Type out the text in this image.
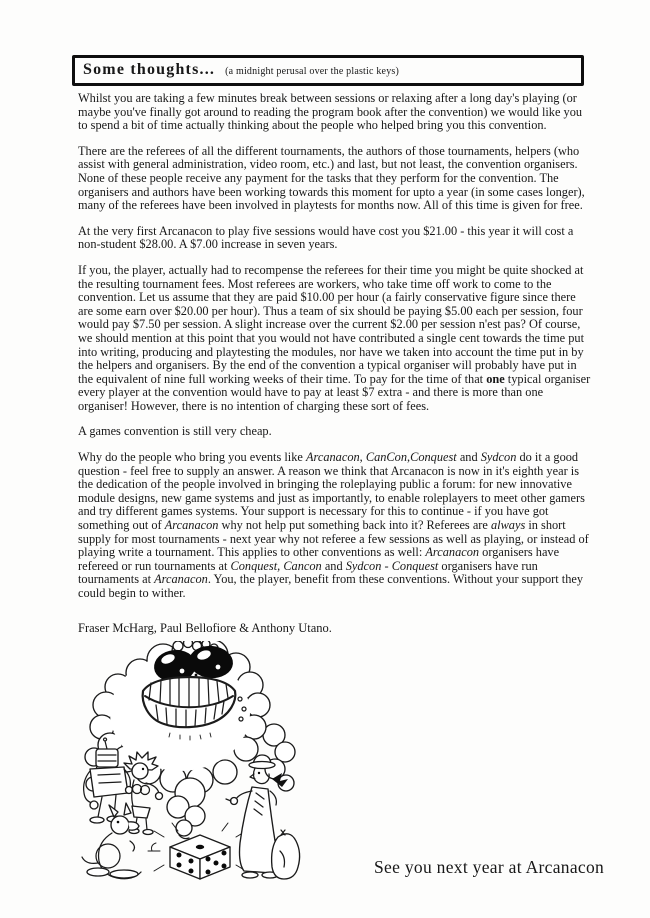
Some thoughts... (a midnight perusal over the plastic keys)

Whilst you are taking a few minutes break between sessions or relaxing after a long day's playing (or maybe you've finally got around to reading the program book after the convention) we would like you to spend a bit of time actually thinking about the people who helped bring you this convention.

There are the referees of all the different tournaments, the authors of those tournaments, helpers (who assist with general administration, video room, etc.) and last, but not least, the convention organisers. None of these people receive any payment for the tasks that they perform for the convention. The organisers and authors have been working towards this moment for upto a year (in some cases longer), many of the referees have been involved in playtests for months now. All of this time is given for free.

At the very first Arcanacon to play five sessions would have cost you $21.00 - this year it will cost a non-student $28.00. A $7.00 increase in seven years.

If you, the player, actually had to recompense the referees for their time you might be quite shocked at the resulting tournament fees. Most referees are workers, who take time off work to come to the convention. Let us assume that they are paid $10.00 per hour (a fairly conservative figure since there are some earn over $20.00 per hour). Thus a team of six should be paying $5.00 each per session, four would pay $7.50 per session. A slight increase over the current $2.00 per session n'est pas? Of course, we should mention at this point that you would not have contributed a single cent towards the time put into writing, producing and playtesting the modules, nor have we taken into account the time put in by the helpers and organisers. By the end of the convention a typical organiser will probably have put in the equivalent of nine full working weeks of their time. To pay for the time of that one typical organiser every player at the convention would have to pay at least $7 extra - and there is more than one organiser! However, there is no intention of charging these sort of fees.

A games convention is still very cheap.

Why do the people who bring you events like Arcanacon, CanCon,Conquest and Sydcon do it a good question - feel free to supply an answer. A reason we think that Arcanacon is now in it's eighth year is the dedication of the people involved in bringing the roleplaying public a forum: for new innovative module designs, new game systems and just as importantly, to enable roleplayers to meet other gamers and try different games systems. Your support is necessary for this to continue - if you have got something out of Arcanacon why not help put something back into it? Referees are always in short supply for most tournaments - next year why not referee a few sessions as well as playing, or instead of playing write a tournament. This applies to other conventions as well: Arcanacon organisers have refereed or run tournaments at Conquest, Cancon and Sydcon - Conquest organisers have run tournaments at Arcanacon. You, the player, benefit from these conventions. Without your support they could begin to wither.

Fraser McHarg, Paul Bellofiore & Anthony Utano.
See you next year at Arcanacon
